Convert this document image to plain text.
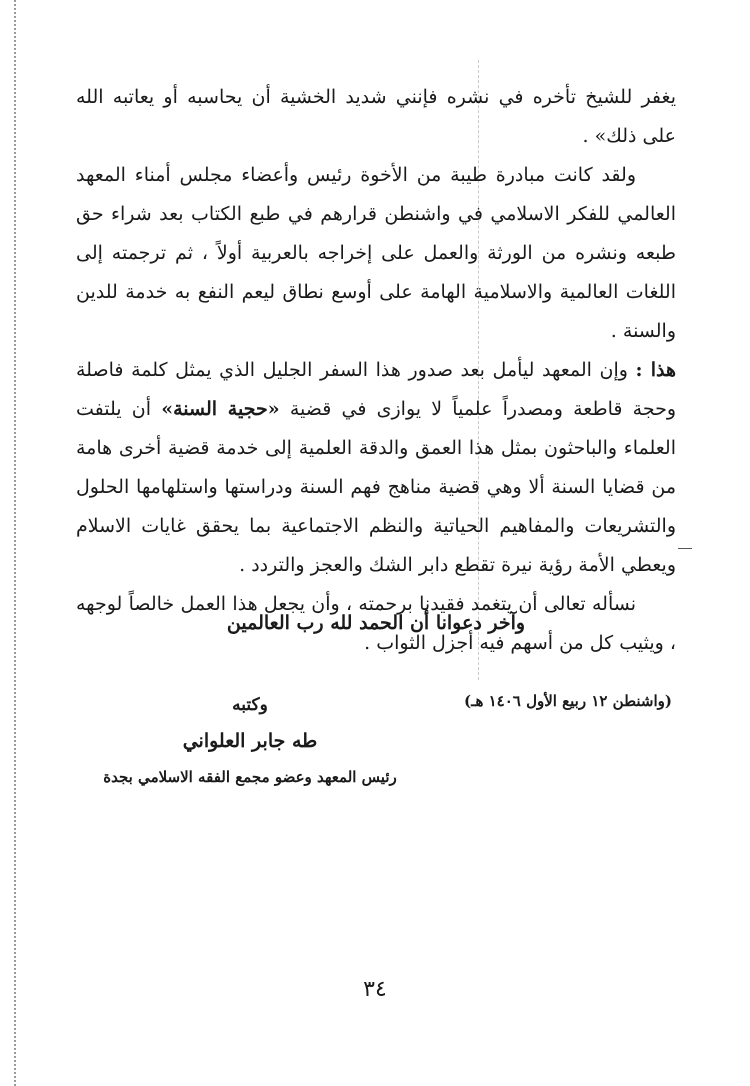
يغفر للشيخ تأخره في نشره فإنني شديد الخشية أن يحاسبه أو يعاتبه الله على ذلك» .

ولقد كانت مبادرة طيبة من الأخوة رئيس وأعضاء مجلس أمناء المعهد العالمي للفكر الاسلامي في واشنطن قرارهم في طبع الكتاب بعد شراء حق طبعه ونشره من الورثة والعمل على إخراجه بالعربية أولاً ، ثم ترجمته إلى اللغات العالمية والاسلامية الهامة على أوسع نطاق ليعم النفع به خدمة للدين والسنة .

هذا : وإن المعهد ليأمل بعد صدور هذا السفر الجليل الذي يمثل كلمة فاصلة وحجة قاطعة ومصدراً علمياً لا يوازى في قضية «حجية السنة» أن يلتفت العلماء والباحثون بمثل هذا العمق والدقة العلمية إلى خدمة قضية أخرى هامة من قضايا السنة ألا وهي قضية مناهج فهم السنة ودراستها واستلهامها الحلول والتشريعات والمفاهيم الحياتية والنظم الاجتماعية بما يحقق غايات الاسلام ويعطي الأمة رؤية نيرة تقطع دابر الشك والعجز والتردد .

نسأله تعالى أن يتغمد فقيدنا برحمته ، وأن يجعل هذا العمل خالصاً لوجهه ، ويثيب كل من أسهم فيه أجزل الثواب .

وآخر دعوانا أن الحمد لله رب العالمين
(واشنطن ١٢ ربيع الأول ١٤٠٦ هـ)
وكتبه
طه جابر العلواني
رئيس المعهد وعضو مجمع الفقه الاسلامي بجدة
٣٤
